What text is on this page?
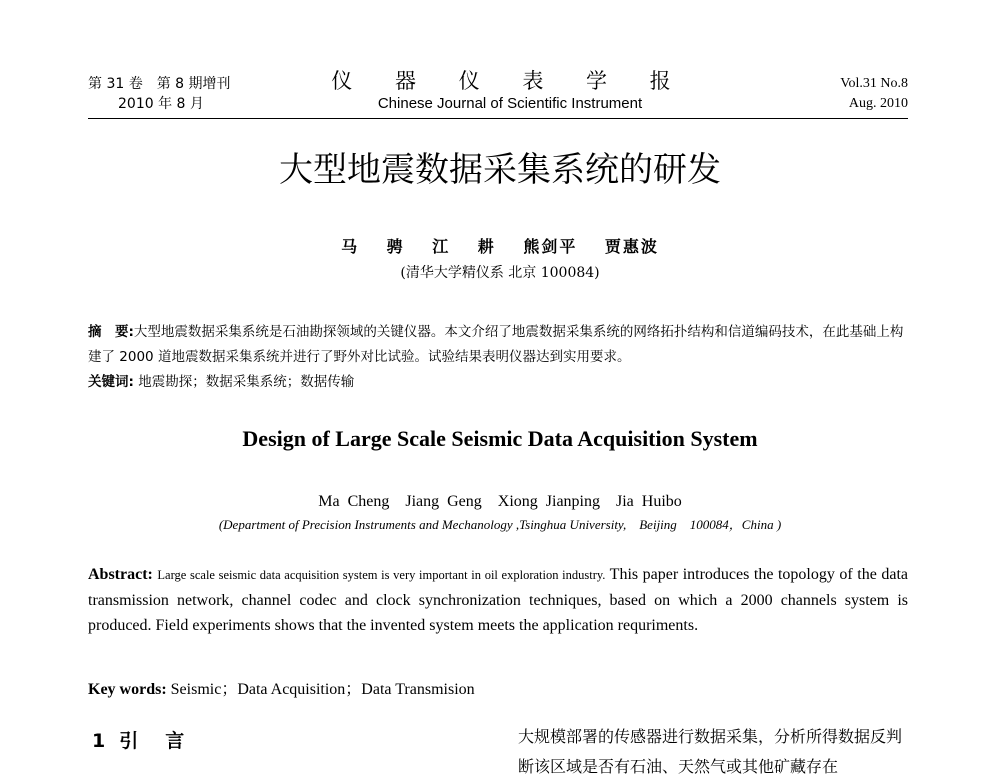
第 31 卷　第 8 期增刊
2010 年 8 月
仪 器 仪 表 学 报
Chinese Journal of Scientific Instrument
Vol.31 No.8
Aug. 2010
大型地震数据采集系统的研发
马 骋 江 耕 熊剑平 贾惠波
(清华大学精仪系 北京 100084)
摘　要:大型地震数据采集系统是石油勘探领域的关键仪器。本文介绍了地震数据采集系统的网络拓扑结构和信道编码技术，在此基础上构建了 2000 道地震数据采集系统并进行了野外对比试验。试验结果表明仪器达到实用要求。
关键词: 地震勘探；数据采集系统；数据传输
Design of Large Scale Seismic Data Acquisition System
Ma Cheng　Jiang Geng　Xiong Jianping　Jia Huibo
(Department of Precision Instruments and Mechanology ,Tsinghua University,　Beijing　100084，China )
Abstract: Large scale seismic data acquisition system is very important in oil exploration industry. This paper introduces the topology of the data transmission network, channel codec and clock synchronization techniques, based on which a 2000 channels system is produced. Field experiments shows that the invented system meets the application requriments.
Key words: Seismic；Data Acquisition；Data Transmision
1 引　言	大规模部署的传感器进行数据采集，分析所得数据反判断该区域是否有石油、天然气或其他矿藏存在
